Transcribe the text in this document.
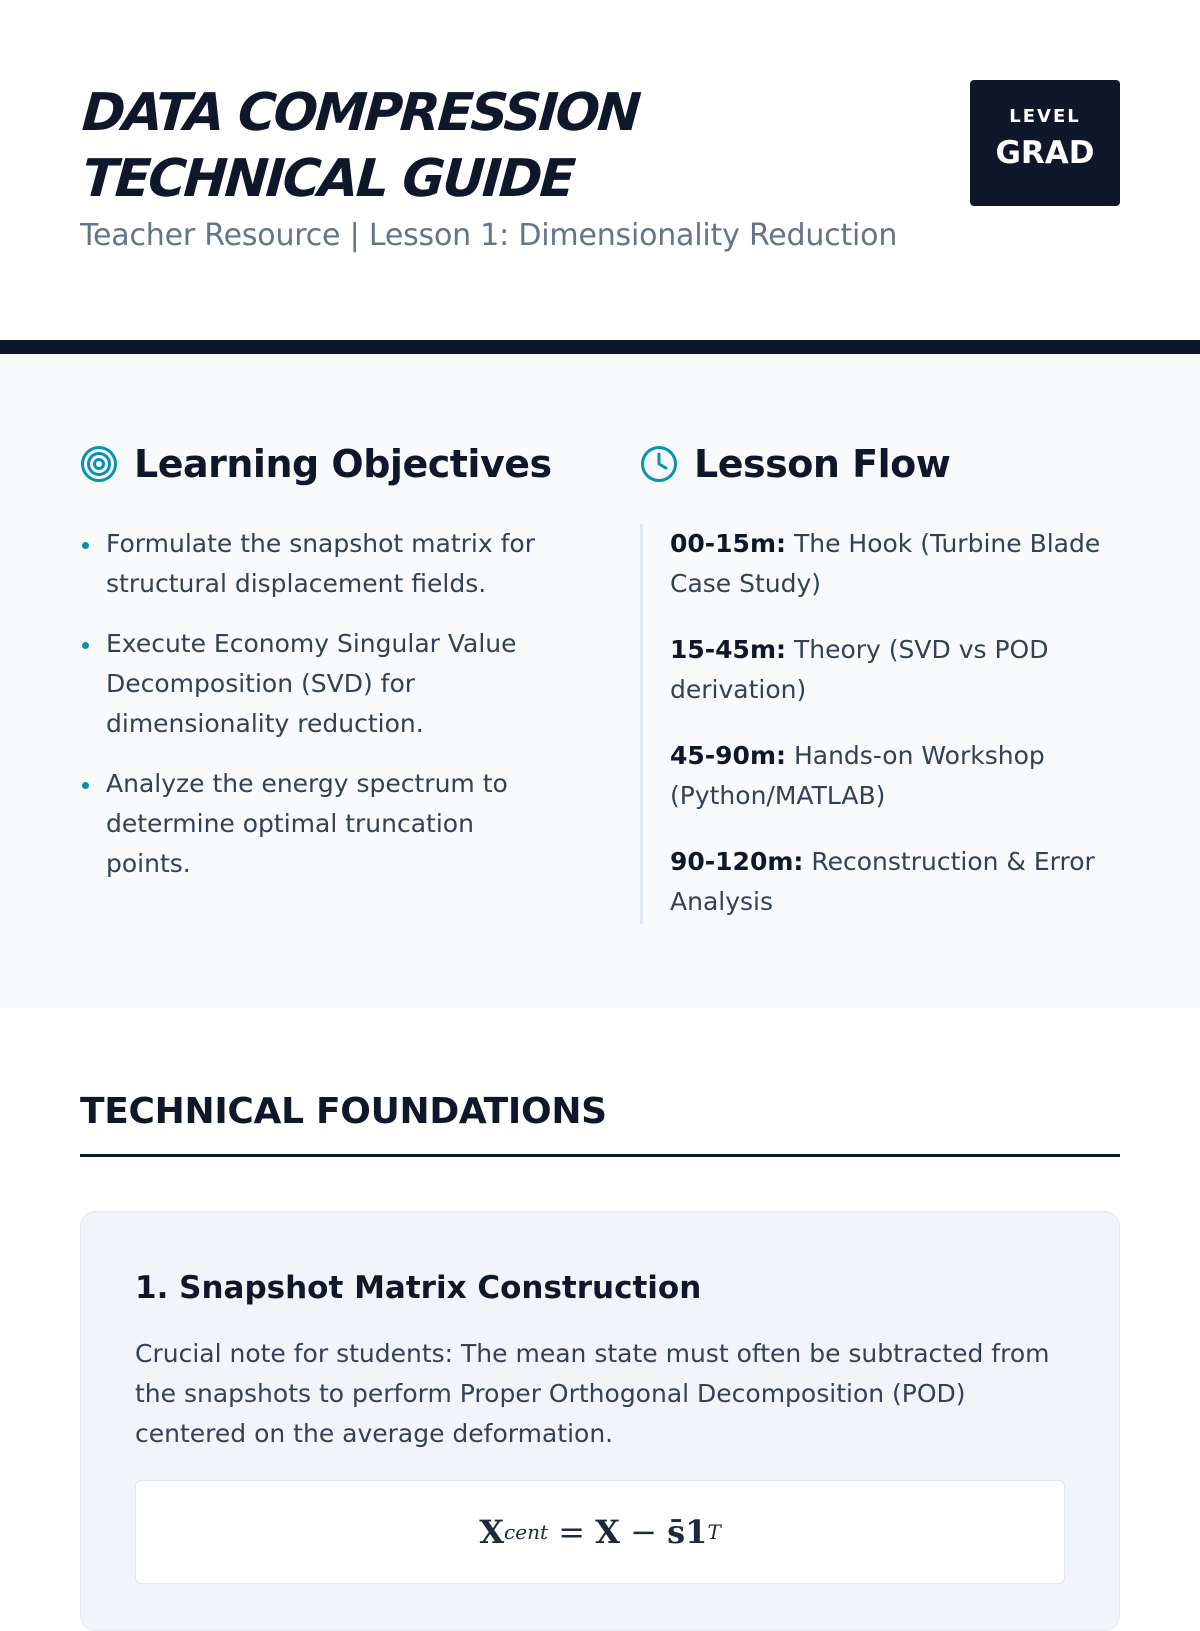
DATA COMPRESSION
TECHNICAL GUIDE
Teacher Resource | Lesson 1: Dimensionality Reduction
LEVEL
GRAD
Learning Objectives
Formulate the snapshot matrix for structural displacement fields.
Execute Economy Singular Value Decomposition (SVD) for dimensionality reduction.
Analyze the energy spectrum to determine optimal truncation points.
Lesson Flow
00-15m: The Hook (Turbine Blade Case Study)
15-45m: Theory (SVD vs POD derivation)
45-90m: Hands-on Workshop (Python/MATLAB)
90-120m: Reconstruction & Error Analysis
TECHNICAL FOUNDATIONS
1. Snapshot Matrix Construction

Crucial note for students: The mean state must often be subtracted from the snapshots to perform Proper Orthogonal Decomposition (POD) centered on the average deformation.

X cent
=
X
−
s̄1 T
